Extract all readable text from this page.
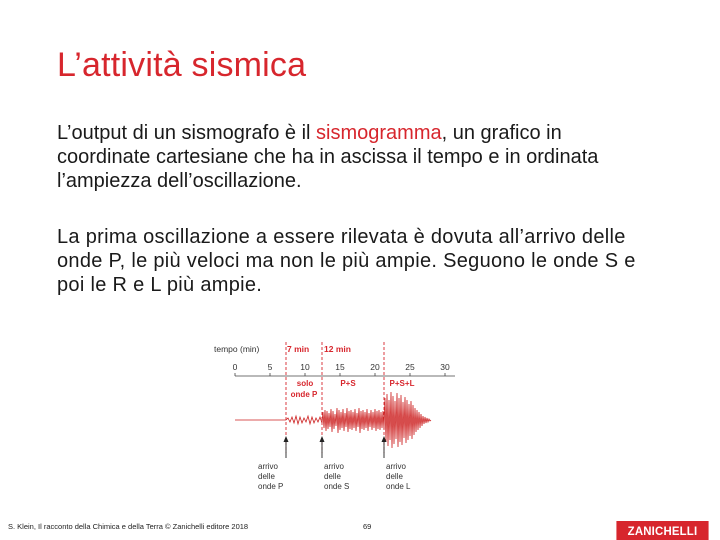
L’attività sismica
L’output di un sismografo è il sismogramma, un grafico in coordinate cartesiane che ha in ascissa il tempo e in ordinata l’ampiezza dell’oscillazione.
La prima oscillazione a essere rilevata è dovuta all’arrivo delle onde P, le più veloci ma non le più ampie. Seguono le onde S e poi le R e L più ampie.
tempo (min)	7 min 12 min
0	5	10	15	20	25	30
solo
onde P
P+S	P+S+L
arrivo delle onde P
arrivo delle onde S
arrivo delle onde L
S. Klein, Il racconto della Chimica e della Terra © Zanichelli editore 2018	69	ZANICHELLI
